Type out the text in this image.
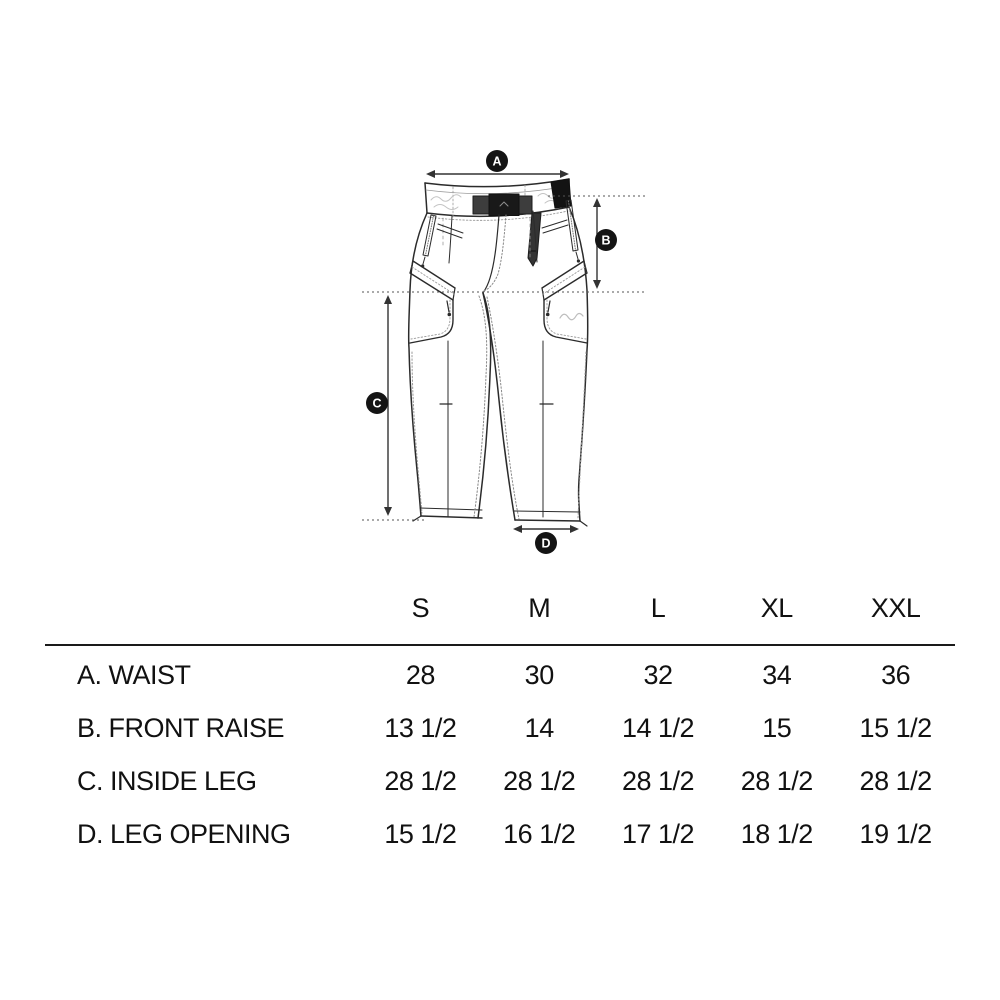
A
B
C
D
S	M	L	XL	XXL
A. WAIST	28	30	32	34	36
B. FRONT RAISE	13 1/2	14	14 1/2	15	15 1/2
C. INSIDE LEG	28 1/2	28 1/2	28 1/2	28 1/2	28 1/2
D. LEG OPENING	15 1/2	16 1/2	17 1/2	18 1/2	19 1/2
